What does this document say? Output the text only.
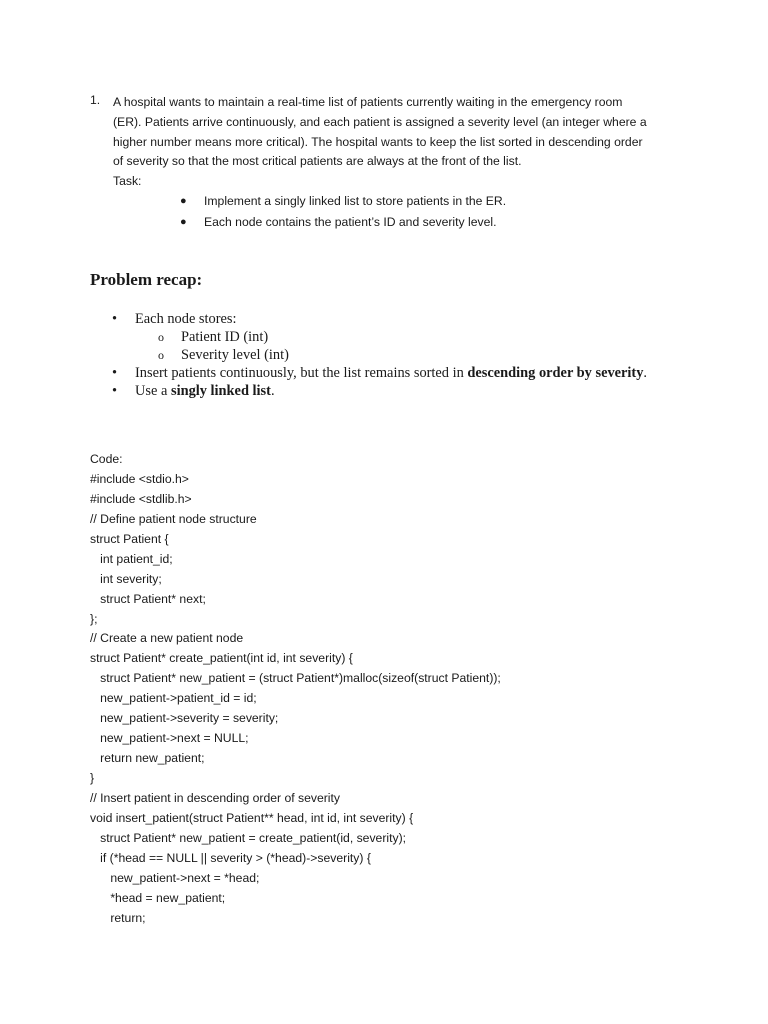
1. A hospital wants to maintain a real-time list of patients currently waiting in the emergency room
(ER). Patients arrive continuously, and each patient is assigned a severity level (an integer where a
higher number means more critical). The hospital wants to keep the list sorted in descending order
of severity so that the most critical patients are always at the front of the list.
Task:
● Implement a singly linked list to store patients in the ER.
● Each node contains the patient’s ID and severity level.
Problem recap:
• Each node stores:
o Patient ID (int)
o Severity level (int)
• Insert patients continuously, but the list remains sorted in descending order by severity.
• Use a singly linked list.
Code:
#include <stdio.h>
#include <stdlib.h>
// Define patient node structure
struct Patient {
int patient_id;
int severity;
struct Patient* next;
};
// Create a new patient node
struct Patient* create_patient(int id, int severity) {
struct Patient* new_patient = (struct Patient*)malloc(sizeof(struct Patient));
new_patient->patient_id = id;
new_patient->severity = severity;
new_patient->next = NULL;
return new_patient;
}
// Insert patient in descending order of severity
void insert_patient(struct Patient** head, int id, int severity) {
struct Patient* new_patient = create_patient(id, severity);
if (*head == NULL || severity > (*head)->severity) {
new_patient->next = *head;
*head = new_patient;
return;
